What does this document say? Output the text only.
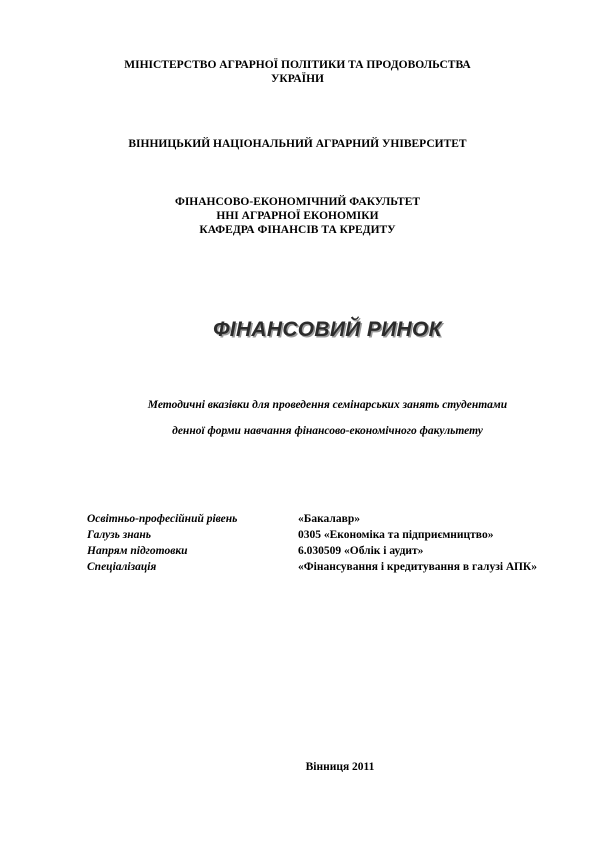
МІНІСТЕРСТВО АГРАРНОЇ ПОЛІТИКИ ТА ПРОДОВОЛЬСТВА
УКРАЇНИ
ВІННИЦЬКИЙ НАЦІОНАЛЬНИЙ АГРАРНИЙ УНІВЕРСИТЕТ
ФІНАНСОВО-ЕКОНОМІЧНИЙ ФАКУЛЬТЕТ
ННІ АГРАРНОЇ ЕКОНОМІКИ
КАФЕДРА ФІНАНСІВ ТА КРЕДИТУ
ФІНАНСОВИЙ РИНОК
Методичні вказівки для проведення семінарських занять студентами
денної форми навчання фінансово-економічного факультету
Освітньо-професійний рівень	«Бакалавр»
Галузь знань	0305 «Економіка та підприємництво»
Напрям підготовки	6.030509 «Облік і аудит»
Спеціалізація	«Фінансування і кредитування в галузі АПК»
Вінниця 2011
